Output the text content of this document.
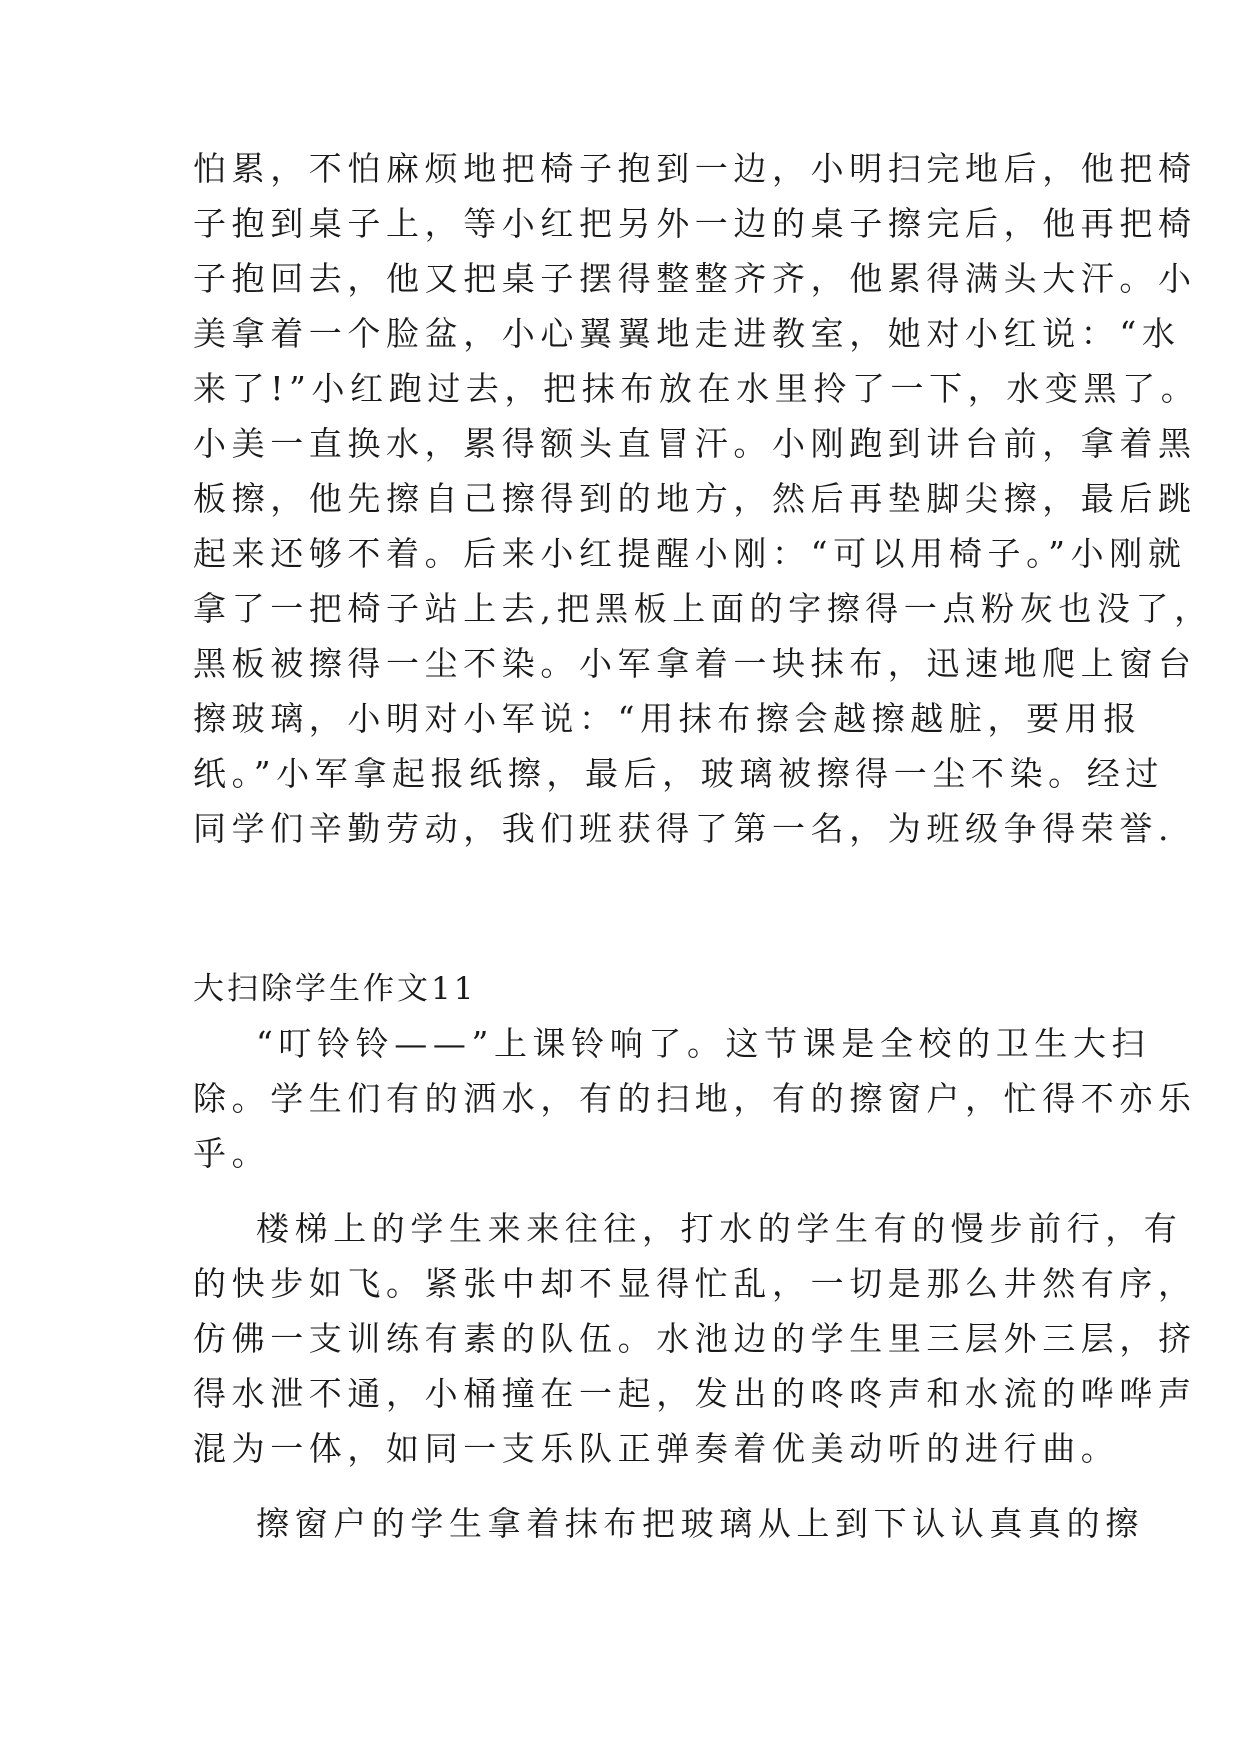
怕累，不怕麻烦地把椅子抱到一边，小明扫完地后，他把椅
子抱到桌子上，等小红把另外一边的桌子擦完后，他再把椅
子抱回去，他又把桌子摆得整整齐齐，他累得满头大汗。小
美拿着一个脸盆，小心翼翼地走进教室，她对小红说：“水
来了!”小红跑过去，把抹布放在水里拎了一下，水变黑了。
小美一直换水，累得额头直冒汗。小刚跑到讲台前，拿着黑
板擦，他先擦自己擦得到的地方，然后再垫脚尖擦，最后跳
起来还够不着。后来小红提醒小刚：“可以用椅子。”小刚就
拿了一把椅子站上去,把黑板上面的字擦得一点粉灰也没了，
黑板被擦得一尘不染。小军拿着一块抹布，迅速地爬上窗台
擦玻璃，小明对小军说：“用抹布擦会越擦越脏，要用报
纸。”小军拿起报纸擦，最后，玻璃被擦得一尘不染。经过
同学们辛勤劳动，我们班获得了第一名，为班级争得荣誉.
大扫除学生作文11
“叮铃铃——”上课铃响了。这节课是全校的卫生大扫
除。学生们有的洒水，有的扫地，有的擦窗户，忙得不亦乐
乎。
楼梯上的学生来来往往，打水的学生有的慢步前行，有
的快步如飞。紧张中却不显得忙乱，一切是那么井然有序，
仿佛一支训练有素的队伍。水池边的学生里三层外三层，挤
得水泄不通，小桶撞在一起，发出的咚咚声和水流的哗哗声
混为一体，如同一支乐队正弹奏着优美动听的进行曲。
擦窗户的学生拿着抹布把玻璃从上到下认认真真的擦
